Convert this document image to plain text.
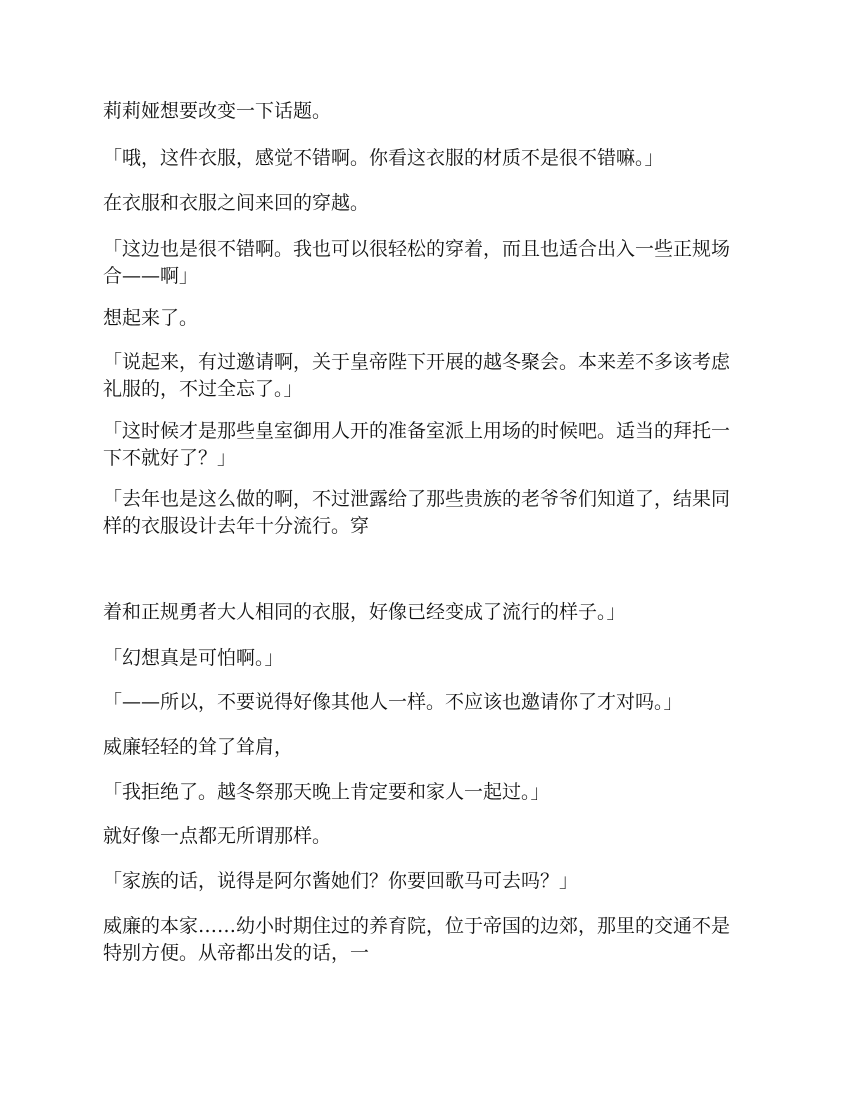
莉莉娅想要改变一下话题。
「哦，这件衣服，感觉不错啊。你看这衣服的材质不是很不错嘛。」
在衣服和衣服之间来回的穿越。
「这边也是很不错啊。我也可以很轻松的穿着，而且也适合出入一些正规场合——啊」
想起来了。
「说起来，有过邀请啊，关于皇帝陛下开展的越冬聚会。本来差不多该考虑礼服的，不过全忘了。」
「这时候才是那些皇室御用人开的准备室派上用场的时候吧。适当的拜托一下不就好了？」
「去年也是这么做的啊，不过泄露给了那些贵族的老爷爷们知道了，结果同样的衣服设计去年十分流行。穿
着和正规勇者大人相同的衣服，好像已经变成了流行的样子。」
「幻想真是可怕啊。」
「——所以，不要说得好像其他人一样。不应该也邀请你了才对吗。」
威廉轻轻的耸了耸肩，
「我拒绝了。越冬祭那天晚上肯定要和家人一起过。」
就好像一点都无所谓那样。
「家族的话，说得是阿尔酱她们？你要回歌马可去吗？」
威廉的本家……幼小时期住过的养育院，位于帝国的边郊，那里的交通不是特别方便。从帝都出发的话，一
